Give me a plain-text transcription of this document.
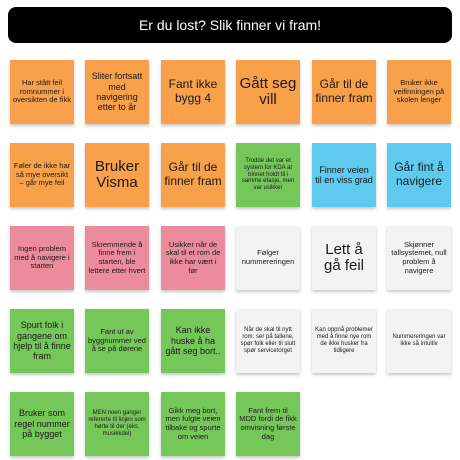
Er du lost? Slik finner vi fram!
Har stått feil romnummer i oversikten de fikk
Sliter fortsatt med navigering etter to år
Fant ikke bygg 4
Gått seg vill
Går til de finner fram
Bruker ikke veifinningen på skolen lenger
Føler de ikke har så mye oversikt – går mye feil
Bruker Visma
Går til de finner fram
Trodde det var et system for KDA at trinnet holdt til i samme etasje, men var usikker
Finner veien til en viss grad
Går fint å navigere
Ingen problem med å navigere i starten
Skremmende å finne frem i starten, ble lettere etter hvert
Usikker når de skal til et rom de ikke har vært i før
Følger nummereringen
Lett å gå feil
Skjønner tallsystemet, null problem å navigere
Spurt folk i gangene om hjelp til å finne fram
Fant ut av byggnummer ved å se på dørene
Kan ikke huske å ha gått seg bort..
Når de skal til nytt rom: ser på tallene, spør folk eller til slutt spør servicetorget
Kan oppnå problemer med å finne nye rom de ikke husker fra tidligere
Nummereringen var ikke så intuitiv
Bruker som regel nummer på bygget
MEN noen ganger refererte til linjen som hørte til der (eks. musikkdel)
Gikk meg bort, men fulgte veien tilbake og spurte om veien
Fant frem til MDD fordi de fikk omvisning første dag
